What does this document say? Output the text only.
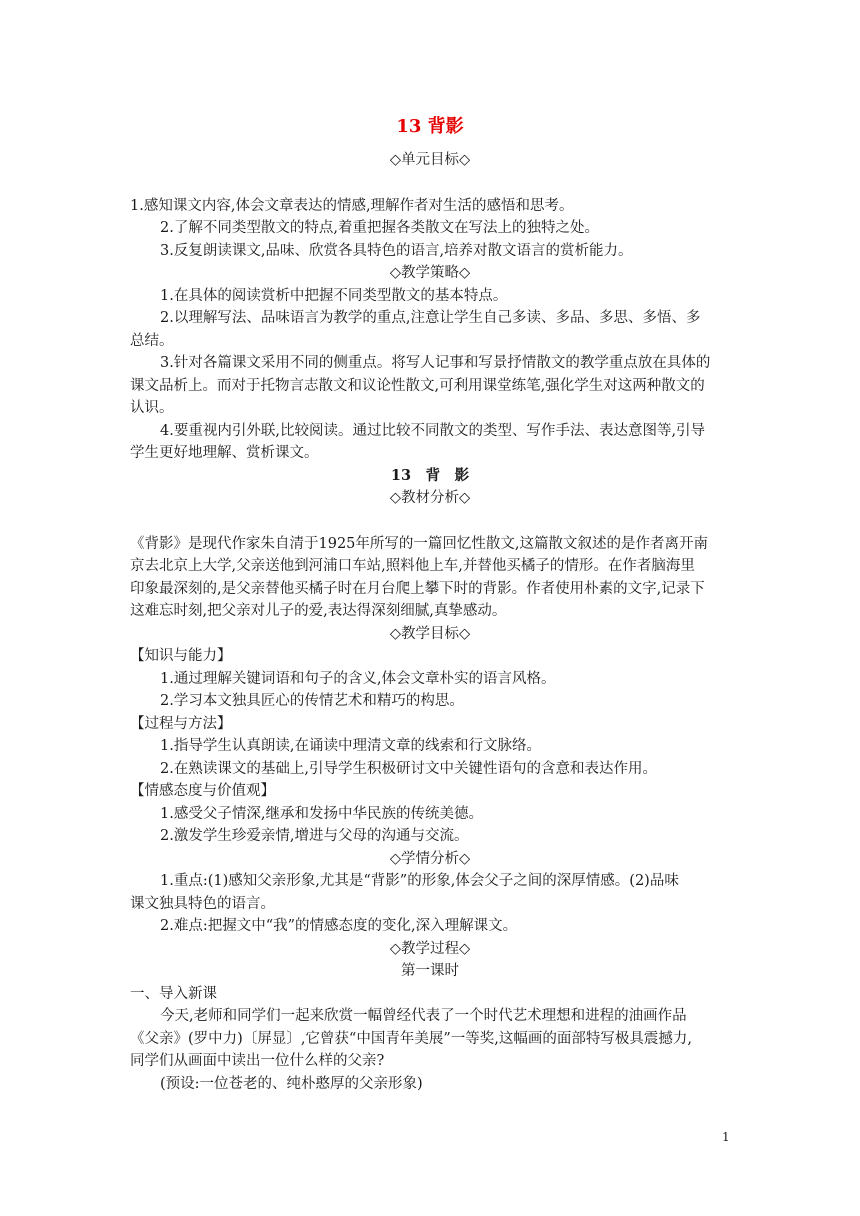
13 背影
◇单元目标◇
1.感知课文内容,体会文章表达的情感,理解作者对生活的感悟和思考。
2.了解不同类型散文的特点,着重把握各类散文在写法上的独特之处。
3.反复朗读课文,品味、欣赏各具特色的语言,培养对散文语言的赏析能力。
◇教学策略◇
1.在具体的阅读赏析中把握不同类型散文的基本特点。
2.以理解写法、品味语言为教学的重点,注意让学生自己多读、多品、多思、多悟、多
总结。
3.针对各篇课文采用不同的侧重点。将写人记事和写景抒情散文的教学重点放在具体的
课文品析上。而对于托物言志散文和议论性散文,可利用课堂练笔,强化学生对这两种散文的
认识。
4.要重视内引外联,比较阅读。通过比较不同散文的类型、写作手法、表达意图等,引导
学生更好地理解、赏析课文。
13　背　影
◇教材分析◇
《背影》是现代作家朱自清于1925年所写的一篇回忆性散文,这篇散文叙述的是作者离开南
京去北京上大学,父亲送他到河浦口车站,照料他上车,并替他买橘子的情形。在作者脑海里
印象最深刻的,是父亲替他买橘子时在月台爬上攀下时的背影。作者使用朴素的文字,记录下
这难忘时刻,把父亲对儿子的爱,表达得深刻细腻,真挚感动。
◇教学目标◇
【知识与能力】
1.通过理解关键词语和句子的含义,体会文章朴实的语言风格。
2.学习本文独具匠心的传情艺术和精巧的构思。
【过程与方法】
1.指导学生认真朗读,在诵读中理清文章的线索和行文脉络。
2.在熟读课文的基础上,引导学生积极研讨文中关键性语句的含意和表达作用。
【情感态度与价值观】
1.感受父子情深,继承和发扬中华民族的传统美德。
2.激发学生珍爱亲情,增进与父母的沟通与交流。
◇学情分析◇
1.重点:(1)感知父亲形象,尤其是“背影”的形象,体会父子之间的深厚情感。(2)品味
课文独具特色的语言。
2.难点:把握文中“我”的情感态度的变化,深入理解课文。
◇教学过程◇
第一课时
一、导入新课
今天,老师和同学们一起来欣赏一幅曾经代表了一个时代艺术理想和进程的油画作品
《父亲》(罗中力)〔屏显〕,它曾获“中国青年美展”一等奖,这幅画的面部特写极具震撼力,
同学们从画面中读出一位什么样的父亲?
(预设:一位苍老的、纯朴憨厚的父亲形象)
1
